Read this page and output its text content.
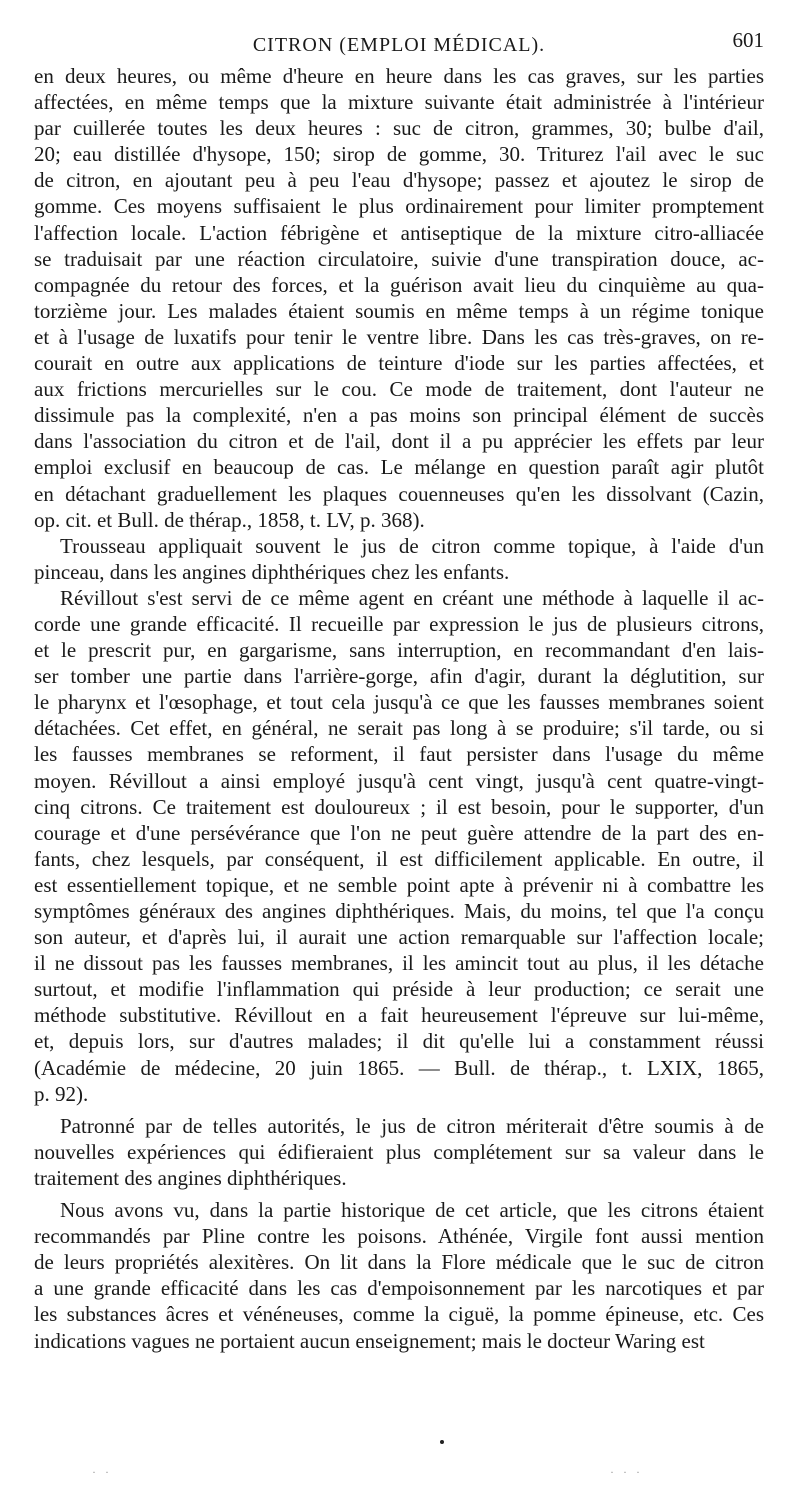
CITRON (EMPLOI MÉDICAL).	601
en deux heures, ou même d'heure en heure dans les cas graves, sur les parties
affectées, en même temps que la mixture suivante était administrée à l'intérieur
par cuillerée toutes les deux heures : suc de citron, grammes, 30; bulbe d'ail,
20; eau distillée d'hysope, 150; sirop de gomme, 30. Triturez l'ail avec le suc
de citron, en ajoutant peu à peu l'eau d'hysope; passez et ajoutez le sirop de
gomme. Ces moyens suffisaient le plus ordinairement pour limiter promptement
l'affection locale. L'action fébrigène et antiseptique de la mixture citro-alliacée
se traduisait par une réaction circulatoire, suivie d'une transpiration douce, ac-
compagnée du retour des forces, et la guérison avait lieu du cinquième au qua-
torzième jour. Les malades étaient soumis en même temps à un régime tonique
et à l'usage de luxatifs pour tenir le ventre libre. Dans les cas très-graves, on re-
courait en outre aux applications de teinture d'iode sur les parties affectées, et
aux frictions mercurielles sur le cou. Ce mode de traitement, dont l'auteur ne
dissimule pas la complexité, n'en a pas moins son principal élément de succès
dans l'association du citron et de l'ail, dont il a pu apprécier les effets par leur
emploi exclusif en beaucoup de cas. Le mélange en question paraît agir plutôt
en détachant graduellement les plaques couenneuses qu'en les dissolvant (Cazin,
op. cit. et Bull. de thérap., 1858, t. LV, p. 368).
Trousseau appliquait souvent le jus de citron comme topique, à l'aide d'un
pinceau, dans les angines diphthériques chez les enfants.
Révillout s'est servi de ce même agent en créant une méthode à laquelle il ac-
corde une grande efficacité. Il recueille par expression le jus de plusieurs citrons,
et le prescrit pur, en gargarisme, sans interruption, en recommandant d'en lais-
ser tomber une partie dans l'arrière-gorge, afin d'agir, durant la déglutition, sur
le pharynx et l'œsophage, et tout cela jusqu'à ce que les fausses membranes soient
détachées. Cet effet, en général, ne serait pas long à se produire; s'il tarde, ou si
les fausses membranes se reforment, il faut persister dans l'usage du même
moyen. Révillout a ainsi employé jusqu'à cent vingt, jusqu'à cent quatre-vingt-
cinq citrons. Ce traitement est douloureux ; il est besoin, pour le supporter, d'un
courage et d'une persévérance que l'on ne peut guère attendre de la part des en-
fants, chez lesquels, par conséquent, il est difficilement applicable. En outre, il
est essentiellement topique, et ne semble point apte à prévenir ni à combattre les
symptômes généraux des angines diphthériques. Mais, du moins, tel que l'a conçu
son auteur, et d'après lui, il aurait une action remarquable sur l'affection locale;
il ne dissout pas les fausses membranes, il les amincit tout au plus, il les détache
surtout, et modifie l'inflammation qui préside à leur production; ce serait une
méthode substitutive. Révillout en a fait heureusement l'épreuve sur lui-même,
et, depuis lors, sur d'autres malades; il dit qu'elle lui a constamment réussi
(Académie de médecine, 20 juin 1865. — Bull. de thérap., t. LXIX, 1865,
p. 92).
Patronné par de telles autorités, le jus de citron mériterait d'être soumis à de
nouvelles expériences qui édifieraient plus complétement sur sa valeur dans le
traitement des angines diphthériques.
Nous avons vu, dans la partie historique de cet article, que les citrons étaient
recommandés par Pline contre les poisons. Athénée, Virgile font aussi mention
de leurs propriétés alexitères. On lit dans la Flore médicale que le suc de citron
a une grande efficacité dans les cas d'empoisonnement par les narcotiques et par
les substances âcres et vénéneuses, comme la ciguë, la pomme épineuse, etc. Ces
indications vagues ne portaient aucun enseignement; mais le docteur Waring est
· ·	· · ·
